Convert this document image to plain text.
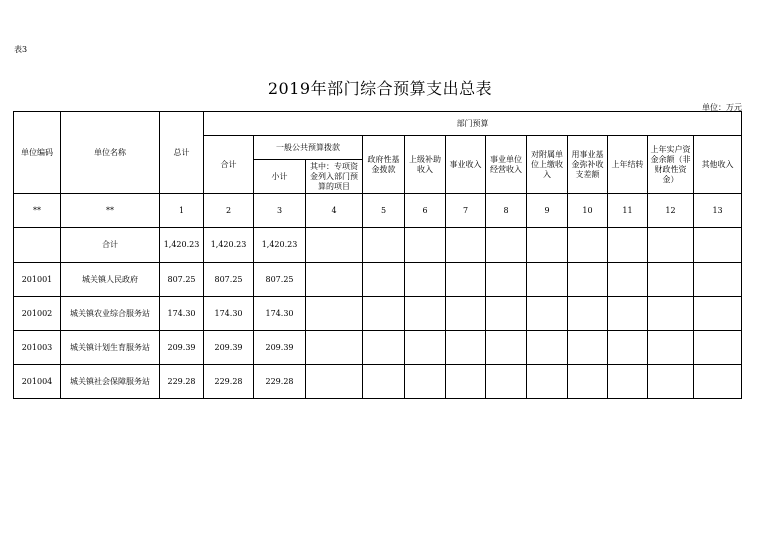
表3
2019年部门综合预算支出总表
单位：万元
单位编码	单位名称	总计	部门预算											
			合计	一般公共预算拨款		政府性基金拨款	上级补助收入	事业收入	事业单位经营收入	对附属单位上缴收入	用事业基金弥补收支差额	上年结转	上年实户资金余额（非财政性资金）	其他收入
				小计	其中：专项资金列入部门预算的项目									
**	**	1	2	3	4	5	6	7	8	9	10	11	12	13
	合计	1,420.23	1,420.23	1,420.23										
201001	城关镇人民政府	807.25	807.25	807.25										
201002	城关镇农业综合服务站	174.30	174.30	174.30										
201003	城关镇计划生育服务站	209.39	209.39	209.39										
201004	城关镇社会保障服务站	229.28	229.28	229.28										
